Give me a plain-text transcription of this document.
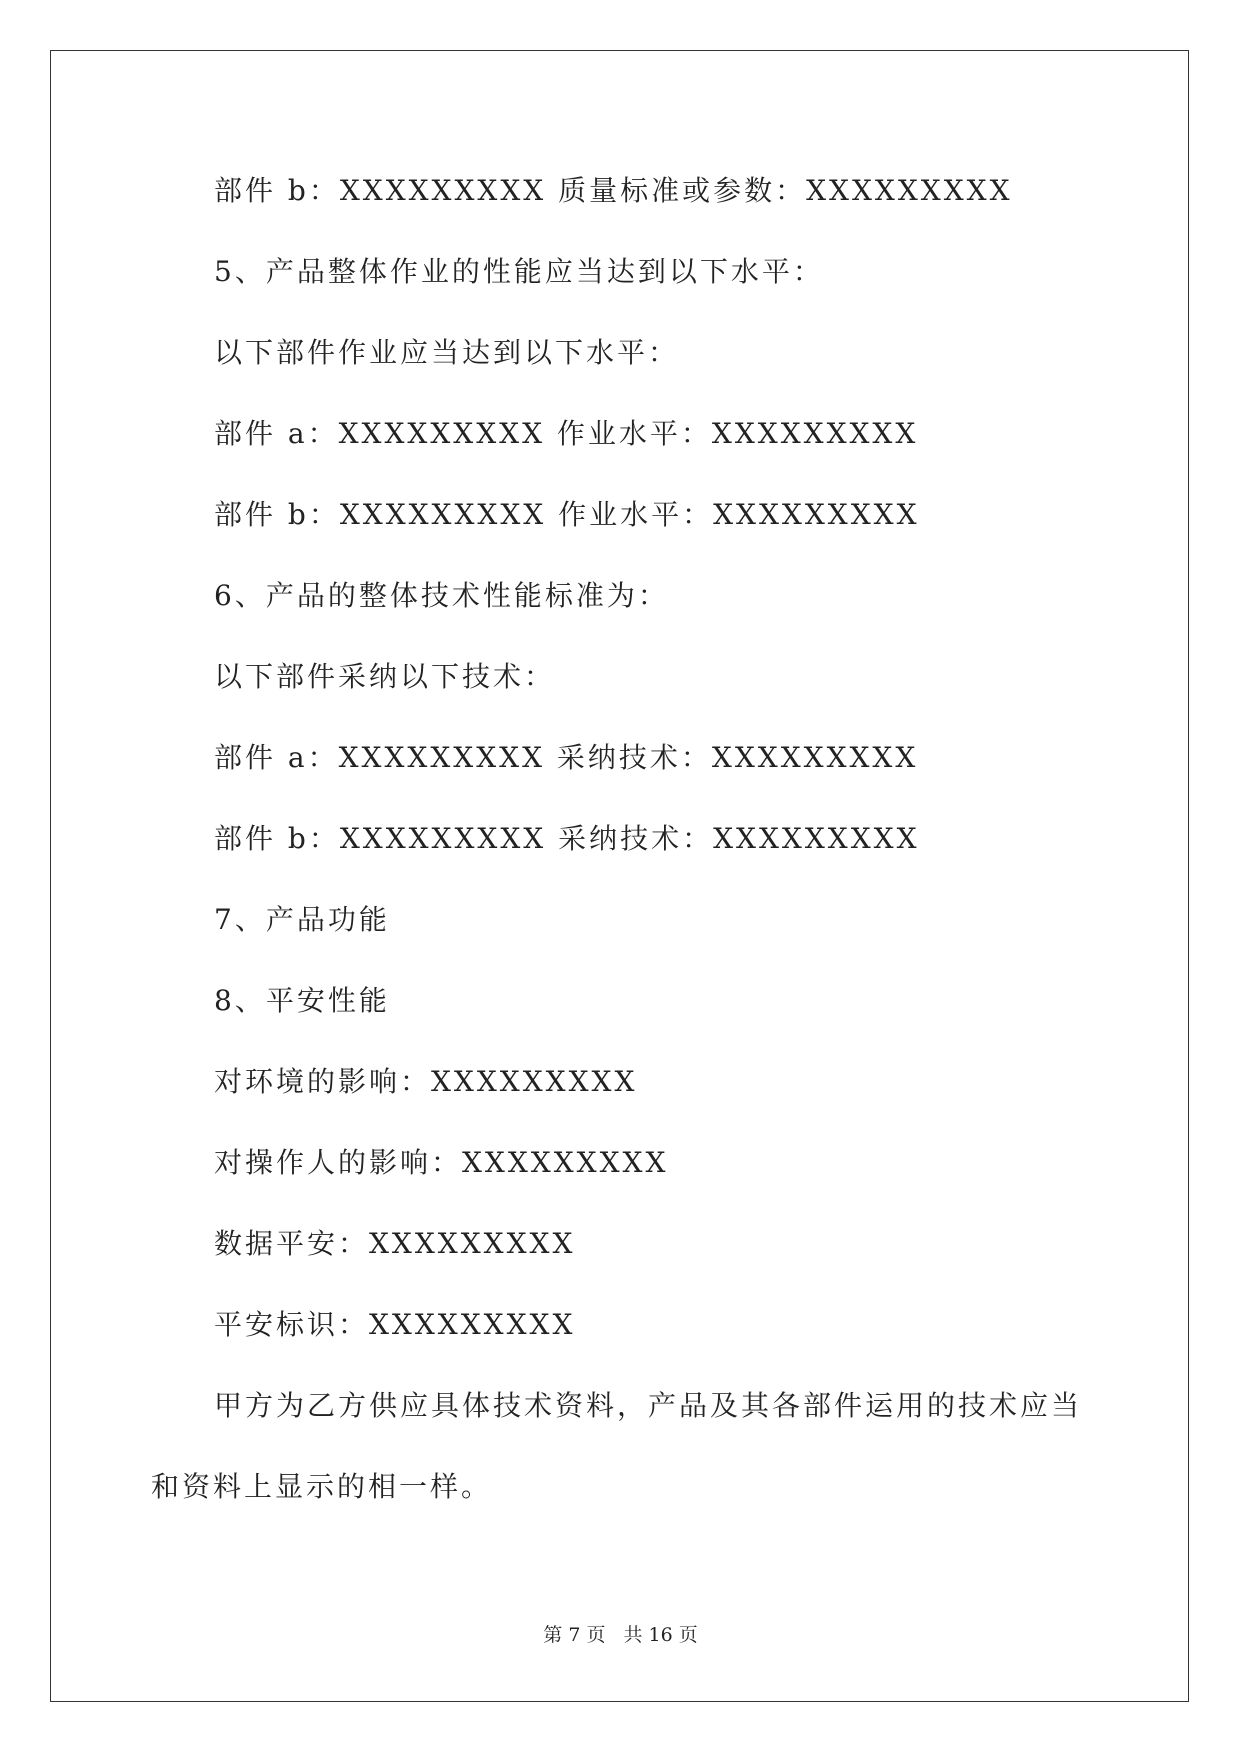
部件 b：XXXXXXXXX 质量标准或参数：XXXXXXXXX
5、产品整体作业的性能应当达到以下水平：
以下部件作业应当达到以下水平：
部件 a：XXXXXXXXX 作业水平：XXXXXXXXX
部件 b：XXXXXXXXX 作业水平：XXXXXXXXX
6、产品的整体技术性能标准为：
以下部件采纳以下技术：
部件 a：XXXXXXXXX 采纳技术：XXXXXXXXX
部件 b：XXXXXXXXX 采纳技术：XXXXXXXXX
7、产品功能
8、平安性能
对环境的影响：XXXXXXXXX
对操作人的影响：XXXXXXXXX
数据平安：XXXXXXXXX
平安标识：XXXXXXXXX
甲方为乙方供应具体技术资料，产品及其各部件运用的技术应当
和资料上显示的相一样。
第 7 页 共 16 页
